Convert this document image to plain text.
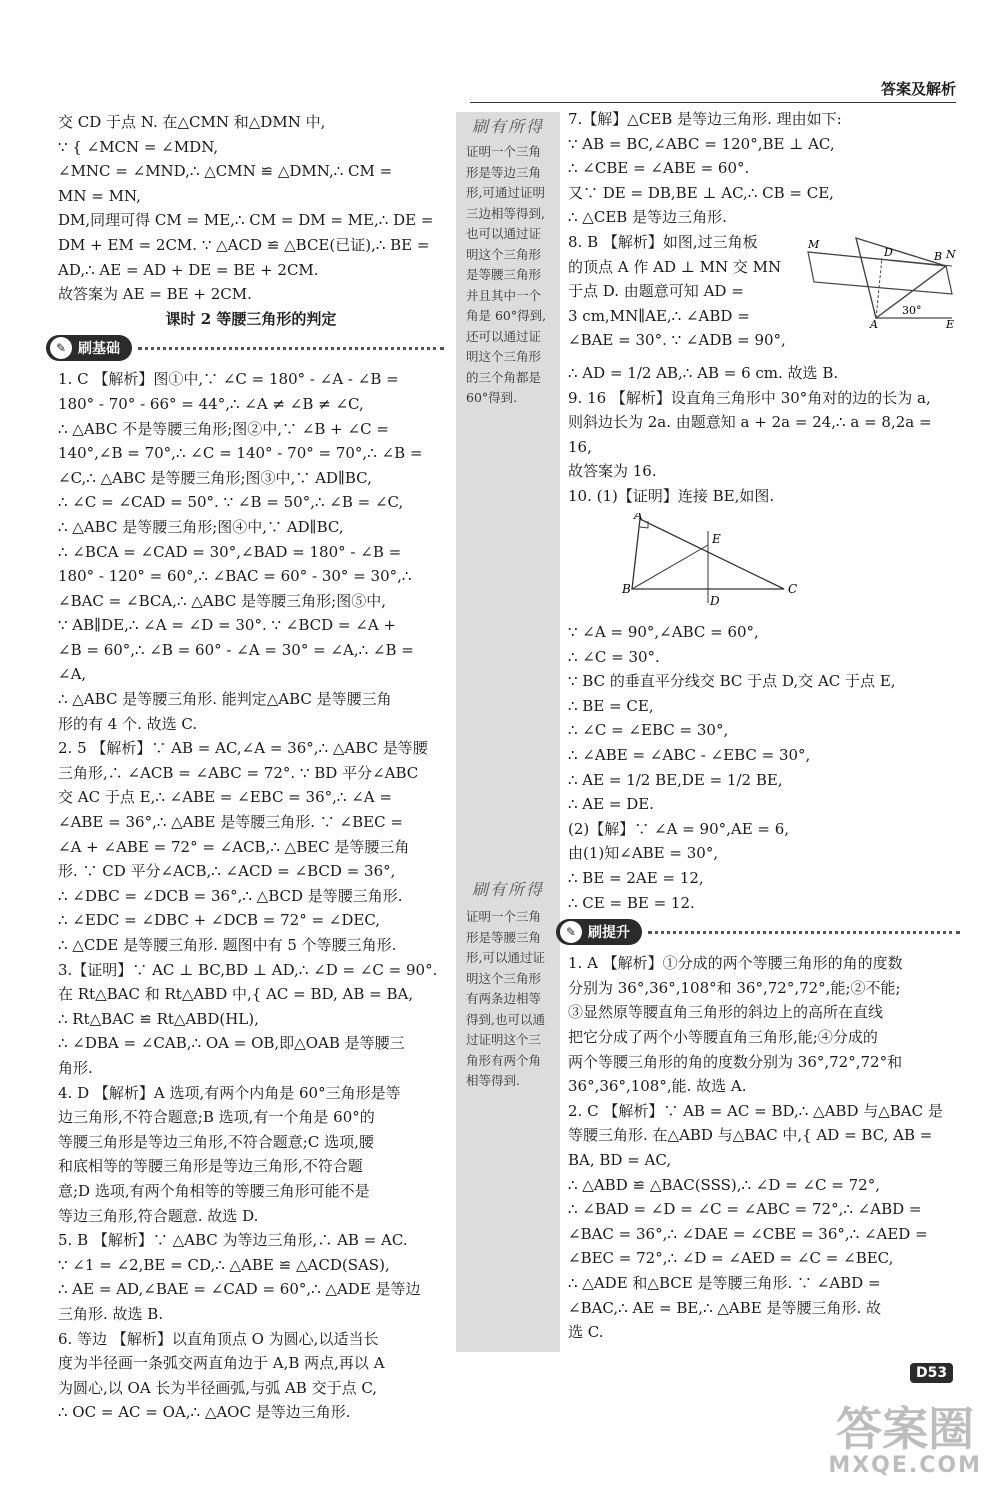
答案及解析

交 CD 于点 N. 在△CMN 和△DMN 中,

∵ { ∠MCN = ∠MDN,

∠MNC = ∠MND,∴ △CMN ≌ △DMN,∴ CM =

MN = MN,

DM,同理可得 CM = ME,∴ CM = DM = ME,∴ DE =

DM + EM = 2CM. ∵ △ACD ≌ △BCE(已证),∴ BE =

AD,∴ AE = AD + DE = BE + 2CM.

故答案为 AE = BE + 2CM.

课时 2 等腰三角形的判定

✎ 刷基础

1. C 【解析】图①中,∵ ∠C = 180° - ∠A - ∠B =

180° - 70° - 66° = 44°,∴ ∠A ≠ ∠B ≠ ∠C,

∴ △ABC 不是等腰三角形;图②中,∵ ∠B + ∠C =

140°,∠B = 70°,∴ ∠C = 140° - 70° = 70°,∴ ∠B =

∠C,∴ △ABC 是等腰三角形;图③中,∵ AD∥BC,

∴ ∠C = ∠CAD = 50°. ∵ ∠B = 50°,∴ ∠B = ∠C,

∴ △ABC 是等腰三角形;图④中,∵ AD∥BC,

∴ ∠BCA = ∠CAD = 30°,∠BAD = 180° - ∠B =

180° - 120° = 60°,∴ ∠BAC = 60° - 30° = 30°,∴

∠BAC = ∠BCA,∴ △ABC 是等腰三角形;图⑤中,

∵ AB∥DE,∴ ∠A = ∠D = 30°. ∵ ∠BCD = ∠A +

∠B = 60°,∴ ∠B = 60° - ∠A = 30° = ∠A,∴ ∠B = ∠A,

∴ △ABC 是等腰三角形. 能判定△ABC 是等腰三角

形的有 4 个. 故选 C.

2. 5 【解析】∵ AB = AC,∠A = 36°,∴ △ABC 是等腰

三角形,∴ ∠ACB = ∠ABC = 72°. ∵ BD 平分∠ABC

交 AC 于点 E,∴ ∠ABE = ∠EBC = 36°,∴ ∠A =

∠ABE = 36°,∴ △ABE 是等腰三角形. ∵ ∠BEC =

∠A + ∠ABE = 72° = ∠ACB,∴ △BEC 是等腰三角

形. ∵ CD 平分∠ACB,∴ ∠ACD = ∠BCD = 36°,

∴ ∠DBC = ∠DCB = 36°,∴ △BCD 是等腰三角形.

∴ ∠EDC = ∠DBC + ∠DCB = 72° = ∠DEC,

∴ △CDE 是等腰三角形. 题图中有 5 个等腰三角形.

3.【证明】∵ AC ⊥ BC,BD ⊥ AD,∴ ∠D = ∠C = 90°.

在 Rt△BAC 和 Rt△ABD 中,{ AC = BD, AB = BA,

∴ Rt△BAC ≌ Rt△ABD(HL),

∴ ∠DBA = ∠CAB,∴ OA = OB,即△OAB 是等腰三

角形.

4. D 【解析】A 选项,有两个内角是 60°三角形是等

边三角形,不符合题意;B 选项,有一个角是 60°的

等腰三角形是等边三角形,不符合题意;C 选项,腰

和底相等的等腰三角形是等边三角形,不符合题

意;D 选项,有两个角相等的等腰三角形可能不是

等边三角形,符合题意. 故选 D.

5. B 【解析】∵ △ABC 为等边三角形,∴ AB = AC.

∵ ∠1 = ∠2,BE = CD,∴ △ABE ≌ △ACD(SAS),

∴ AE = AD,∠BAE = ∠CAD = 60°,∴ △ADE 是等边

三角形. 故选 B.

6. 等边 【解析】以直角顶点 O 为圆心,以适当长

度为半径画一条弧交两直角边于 A,B 两点,再以 A

为圆心,以 OA 长为半径画弧,与弧 AB 交于点 C,

∴ OC = AC = OA,∴ △AOC 是等边三角形.

刷有所得
证明一个三角
形是等边三角
形,可通过证明
三边相等得到,
也可以通过证
明这个三角形
是等腰三角形
并且其中一个
角是 60°得到,
还可以通过证
明这个三角形
的三个角都是
60°得到.
刷有所得
证明一个三角
形是等腰三角
形,可以通过证
明这个三角形
有两条边相等
得到,也可以通
过证明这个三
角形有两个角
相等得到.

7.【解】△CEB 是等边三角形. 理由如下:

∵ AB = BC,∠ABC = 120°,BE ⊥ AC,

∴ ∠CBE = ∠ABE = 60°.

又∵ DE = DB,BE ⊥ AC,∴ CB = CE,

∴ △CEB 是等边三角形.

8. B 【解析】如图,过三角板

的顶点 A 作 AD ⊥ MN 交 MN

于点 D. 由题意可知 AD =

3 cm,MN∥AE,∴ ∠ABD =

∠BAE = 30°. ∵ ∠ADB = 90°,

∴ AD = 1/2 AB,∴ AB = 6 cm. 故选 B.

M
D	B N
A	E
30°

9. 16 【解析】设直角三角形中 30°角对的边的长为 a,

则斜边长为 2a. 由题意知 a + 2a = 24,∴ a = 8,2a = 16,

故答案为 16.

10. (1)【证明】连接 BE,如图.

A
E
B
D
C

∵ ∠A = 90°,∠ABC = 60°,

∴ ∠C = 30°.

∵ BC 的垂直平分线交 BC 于点 D,交 AC 于点 E,

∴ BE = CE,

∴ ∠C = ∠EBC = 30°,

∴ ∠ABE = ∠ABC - ∠EBC = 30°,

∴ AE = 1/2 BE,DE = 1/2 BE,

∴ AE = DE.

(2)【解】∵ ∠A = 90°,AE = 6,

由(1)知∠ABE = 30°,

∴ BE = 2AE = 12,

∴ CE = BE = 12.

✎ 刷提升

1. A 【解析】①分成的两个等腰三角形的角的度数

分别为 36°,36°,108°和 36°,72°,72°,能;②不能;

③显然原等腰直角三角形的斜边上的高所在直线

把它分成了两个小等腰直角三角形,能;④分成的

两个等腰三角形的角的度数分别为 36°,72°,72°和

36°,36°,108°,能. 故选 A.

2. C 【解析】∵ AB = AC = BD,∴ △ABD 与△BAC 是

等腰三角形. 在△ABD 与△BAC 中,{ AD = BC, AB = BA, BD = AC,

∴ △ABD ≌ △BAC(SSS),∴ ∠D = ∠C = 72°,

∴ ∠BAD = ∠D = ∠C = ∠ABC = 72°,∴ ∠ABD =

∠BAC = 36°,∴ ∠DAE = ∠CBE = 36°,∴ ∠AED =

∠BEC = 72°,∴ ∠D = ∠AED = ∠C = ∠BEC,

∴ △ADE 和△BCE 是等腰三角形. ∵ ∠ABD =

∠BAC,∴ AE = BE,∴ △ABE 是等腰三角形. 故

选 C.

D53
答案圈
MXQE.COM
